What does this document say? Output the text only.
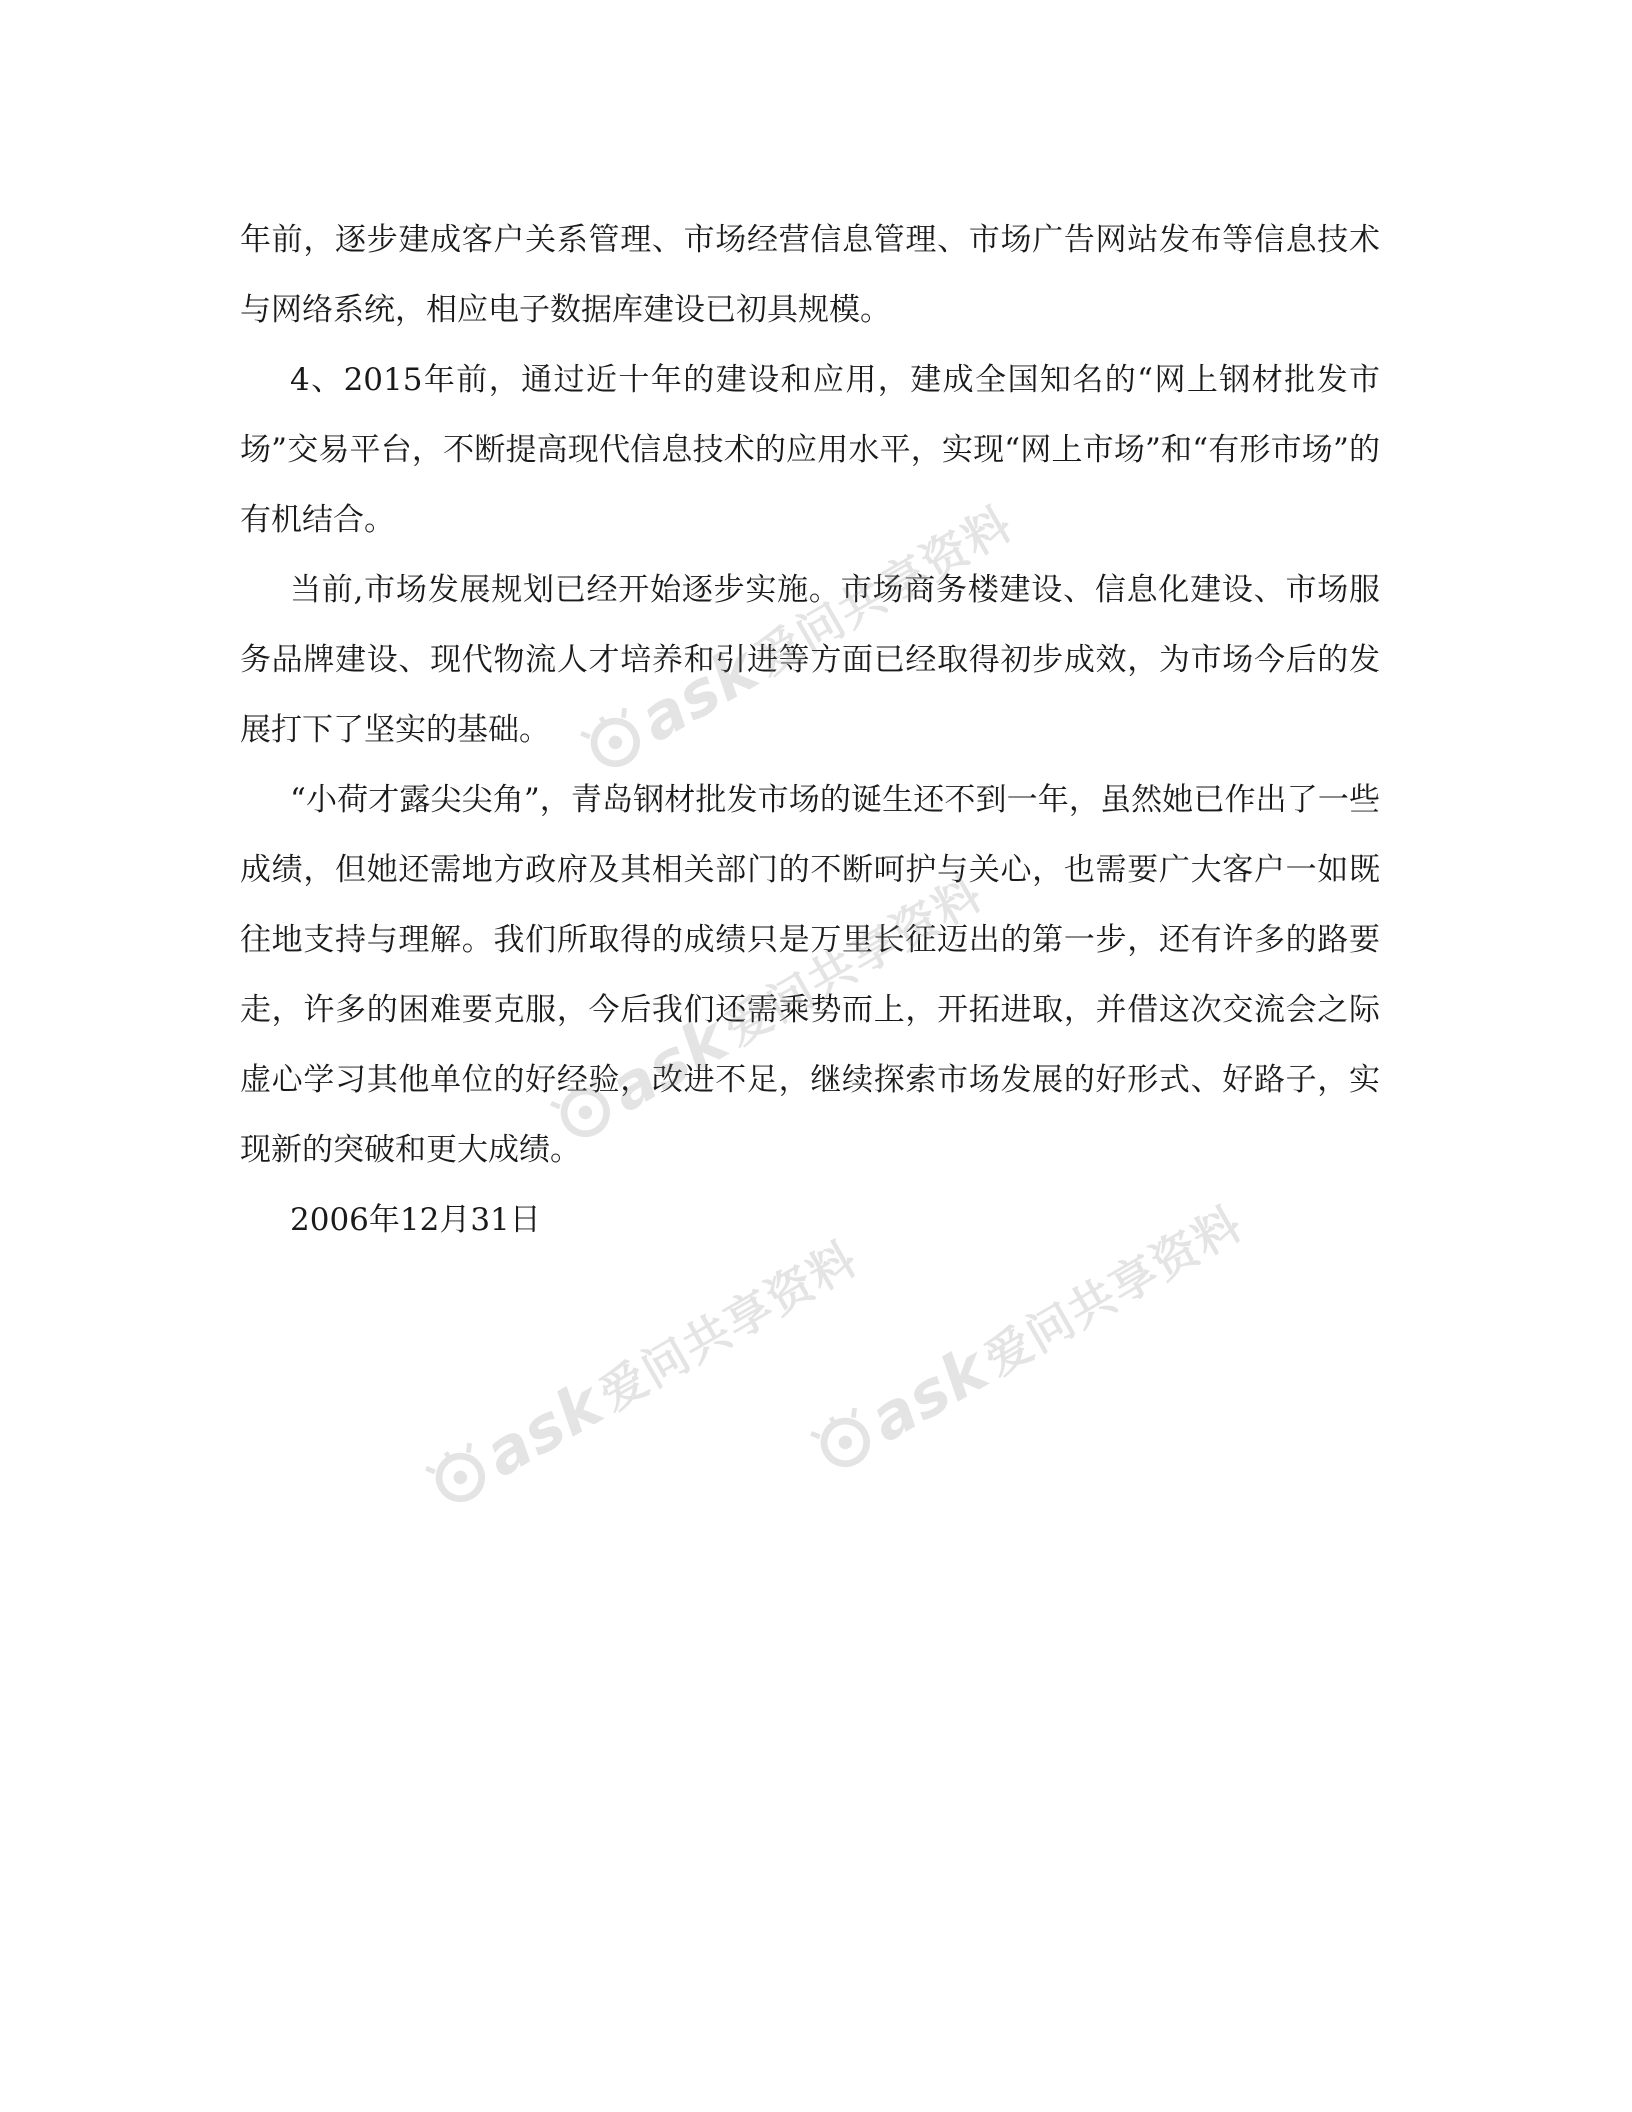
年前，逐步建成客户关系管理、市场经营信息管理、市场广告网站发布等信息技术与网络系统，相应电子数据库建设已初具规模。

4、2015年前，通过近十年的建设和应用，建成全国知名的“网上钢材批发市场”交易平台，不断提高现代信息技术的应用水平，实现“网上市场”和“有形市场”的有机结合。

当前,市场发展规划已经开始逐步实施。市场商务楼建设、信息化建设、市场服务品牌建设、现代物流人才培养和引进等方面已经取得初步成效，为市场今后的发展打下了坚实的基础。

“小荷才露尖尖角”，青岛钢材批发市场的诞生还不到一年，虽然她已作出了一些成绩，但她还需地方政府及其相关部门的不断呵护与关心，也需要广大客户一如既往地支持与理解。我们所取得的成绩只是万里长征迈出的第一步，还有许多的路要走，许多的困难要克服，今后我们还需乘势而上，开拓进取，并借这次交流会之际虚心学习其他单位的好经验，改进不足，继续探索市场发展的好形式、好路子，实现新的突破和更大成绩。

2006年12月31日

ask
爱问共享资料
ask
爱问共享资料
ask
爱问共享资料
ask
爱问共享资料
